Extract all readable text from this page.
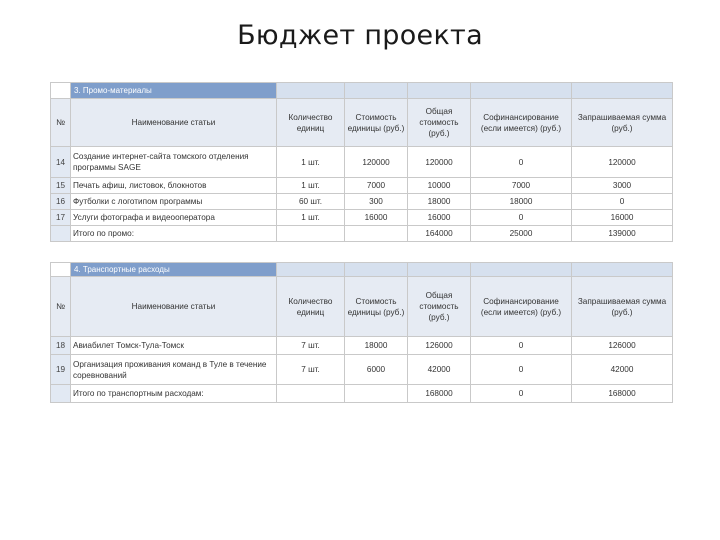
Бюджет проекта
	3. Промо-материалы					
№	Наименование статьи	Количество единиц	Стоимость единицы (руб.)	Общая стоимость (руб.)	Софинансирование (если имеется) (руб.)	Запрашиваемая сумма (руб.)
14	Создание интернет-сайта томского отделения программы SAGE	1 шт.	120000	120000	0	120000
15	Печать афиш, листовок, блокнотов	1 шт.	7000	10000	7000	3000
16	Футболки с логотипом программы	60 шт.	300	18000	18000	0
17	Услуги фотографа и видеооператора	1 шт.	16000	16000	0	16000
	Итого по промо:			164000	25000	139000
	4. Транспортные расходы					
№	Наименование статьи	Количество единиц	Стоимость единицы (руб.)	Общая стоимость (руб.)	Софинансирование (если имеется) (руб.)	Запрашиваемая сумма (руб.)
18	Авиабилет Томск-Тула-Томск	7 шт.	18000	126000	0	126000
19	Организация проживания команд в Туле в течение соревнований	7 шт.	6000	42000	0	42000
	Итого по транспортным расходам:			168000	0	168000
